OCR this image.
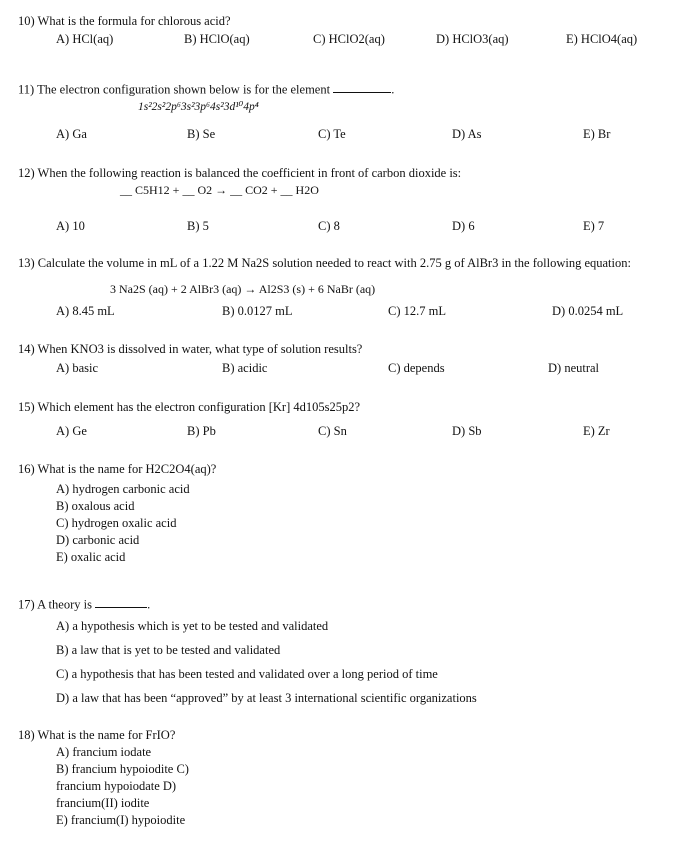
10) What is the formula for chlorous acid?
A) HCl(aq)	B) HClO(aq)	C) HClO2(aq)	D) HClO3(aq)	E) HClO4(aq)
11) The electron configuration shown below is for the element	.
1s²2s²2p⁶3s²3p⁶4s²3d¹⁰4p⁴
A) Ga	B) Se	C) Te	D) As	E) Br
12) When the following reaction is balanced the coefficient in front of carbon dioxide is:
__ C5H12 + __ O2 → __ CO2 + __ H2O
A) 10	B) 5	C) 8	D) 6	E) 7
13) Calculate the volume in mL of a 1.22 M Na2S solution needed to react with 2.75 g of AlBr3 in the following equation:
3 Na2S (aq) + 2 AlBr3 (aq) → Al2S3 (s) + 6 NaBr (aq)
A) 8.45 mL	B) 0.0127 mL	C) 12.7 mL	D) 0.0254 mL
14) When KNO3 is dissolved in water, what type of solution results?
A) basic	B) acidic	C) depends	D) neutral
15) Which element has the electron configuration [Kr] 4d105s25p2?
A) Ge	B) Pb	C) Sn	D) Sb	E) Zr
16) What is the name for H2C2O4(aq)?
A) hydrogen carbonic acid
B) oxalous acid
C) hydrogen oxalic acid
D) carbonic acid
E) oxalic acid
17) A theory is	.
A) a hypothesis which is yet to be tested and validated
B) a law that is yet to be tested and validated
C) a hypothesis that has been tested and validated over a long period of time
D) a law that has been “approved” by at least 3 international scientific organizations
18) What is the name for FrIO?
A) francium iodate
B) francium hypoiodite C)
francium hypoiodate D)
francium(II) iodite
E) francium(I) hypoiodite
